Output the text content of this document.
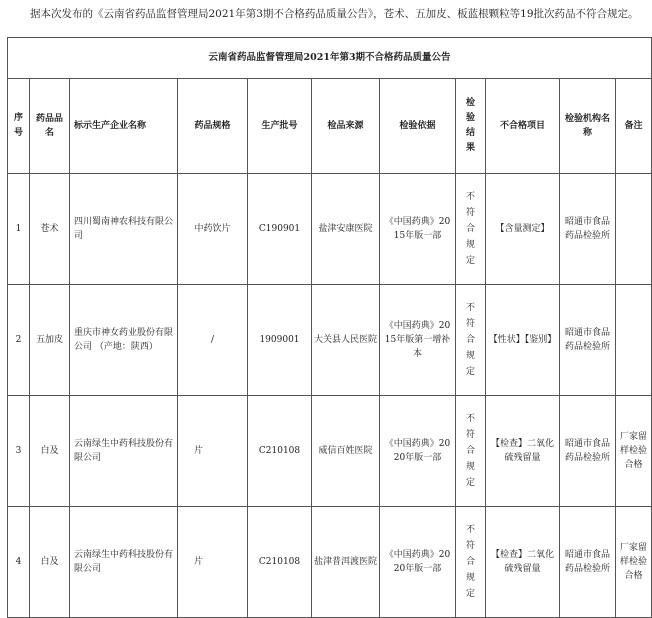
据本次发布的《云南省药品监督管理局2021年第3期不合格药品质量公告》，苍术、五加皮、板蓝根颗粒等19批次药品不符合规定。
云南省药品监督管理局2021年第3期不合格药品质量公告										
序号	药品品名	标示生产企业名称	药品规格	生产批号	检品来源	检验依据	检验结果	不合格项目	检验机构名称	备注
1	苍术	四川蜀南神农科技有限公司	中药饮片	C190901	盐津安康医院	《中国药典》2015年版一部	不符合规定	【含量测定】	昭通市食品药品检验所	
2	五加皮	重庆市神女药业股份有限公司 （产地：陕西）	/	1909001	大关县人民医院	《中国药典》2015年版第一增补本	不符合规定	【性状】【鉴别】	昭通市食品药品检验所	
3	白及	云南绿生中药科技股份有限公司	片	C210108	威信百姓医院	《中国药典》2020年版一部	不符合规定	【检查】二氧化硫残留量	昭通市食品药品检验所	厂家留样检验合格
4	白及	云南绿生中药科技股份有限公司	片	C210108	盐津普洱渡医院	《中国药典》2020年版一部	不符合规定	【检查】二氧化硫残留量	昭通市食品药品检验所	厂家留样检验合格
